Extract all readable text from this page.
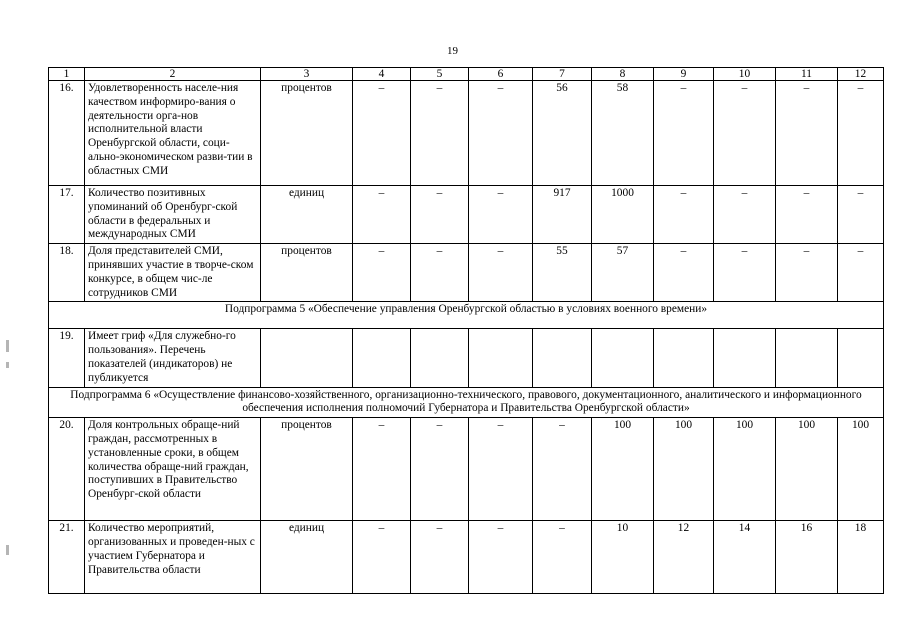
19
1	2	3	4	5	6	7	8	9	10	11	12
16.	Удовлетворенность населе-ния качеством информиро-вания о деятельности орга-нов исполнительной власти Оренбургской области, соци-ально-экономическом разви-тии в областных СМИ	процентов	–	–	–	56	58	–	–	–	–
17.	Количество позитивных упоминаний об Оренбург-ской области в федеральных и международных СМИ	единиц	–	–	–	917	1000	–	–	–	–
18.	Доля представителей СМИ, принявших участие в творче-ском конкурсе, в общем чис-ле сотрудников СМИ	процентов	–	–	–	55	57	–	–	–	–
Подпрограмма 5 «Обеспечение управления Оренбургской областью в условиях военного времени»											
19.	Имеет гриф «Для служебно-го пользования». Перечень показателей (индикаторов) не публикуется										
Подпрограмма 6 «Осуществление финансово-хозяйственного, организационно-технического, правового, документационного, аналитического и информационного обеспечения исполнения полномочий Губернатора и Правительства Оренбургской области»											
20.	Доля контрольных обраще-ний граждан, рассмотренных в установленные сроки, в общем количества обраще-ний граждан, поступивших в Правительство Оренбург-ской области	процентов	–	–	–	–	100	100	100	100	100
21.	Количество мероприятий, организованных и проведен-ных с участием Губернатора и Правительства области	единиц	–	–	–	–	10	12	14	16	18
